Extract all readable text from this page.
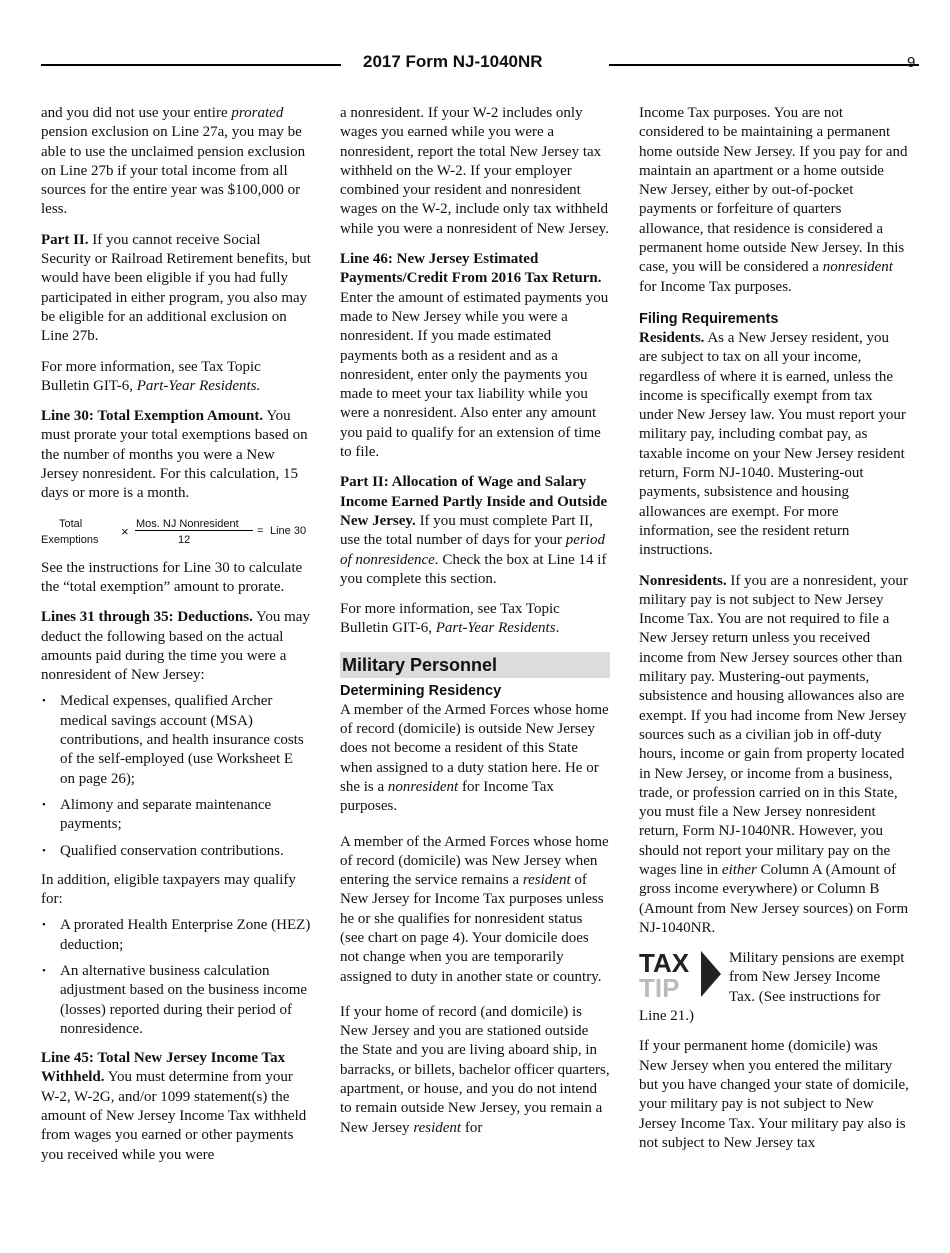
2017 Form NJ-1040NR	9

and you did not use your entire prorated pension exclusion on Line 27a, you may be able to use the unclaimed pension exclusion on Line 27b if your total income from all sources for the entire year was $100,000 or less.

Part II. If you cannot receive Social Security or Railroad Retirement benefits, but would have been eligible if you had fully participated in either program, you also may be eligible for an additional exclusion on Line 27b.

For more information, see Tax Topic Bulletin GIT-6, Part-Year Residents.

Line 30: Total Exemption Amount. You must prorate your total exemptions based on the number of months you were a New Jersey nonresident. For this calculation, 15 days or more is a month.

Total
Exemptions
× Mos. NJ Nonresident
12
= Line 30

See the instructions for Line 30 to calculate the “total exemption” amount to prorate.

Lines 31 through 35: Deductions. You may deduct the following based on the actual amounts paid during the time you were a nonresident of New Jersey:

• Medical expenses, qualified Archer medical savings account (MSA) contributions, and health insurance costs of the self-employed (use Worksheet E on page 26);
• Alimony and separate maintenance payments;
• Qualified conservation contributions.

In addition, eligible taxpayers may qualify for:

• A prorated Health Enterprise Zone (HEZ) deduction;
• An alternative business calculation adjustment based on the business income (losses) reported during their period of nonresidence.

Line 45: Total New Jersey Income Tax Withheld. You must determine from your W-2, W-2G, and/or 1099 statement(s) the amount of New Jersey Income Tax withheld from wages you earned or other payments you received while you were

a nonresident. If your W-2 includes only wages you earned while you were a nonresident, report the total New Jersey tax withheld on the W-2. If your employer combined your resident and nonresident wages on the W-2, include only tax withheld while you were a nonresident of New Jersey.

Line 46: New Jersey Estimated Payments/Credit From 2016 Tax Return. Enter the amount of estimated payments you made to New Jersey while you were a nonresident. If you made estimated payments both as a resident and as a nonresident, enter only the payments you made to meet your tax liability while you were a nonresident. Also enter any amount you paid to qualify for an extension of time to file.

Part II: Allocation of Wage and Salary Income Earned Partly Inside and Outside New Jersey. If you must complete Part II, use the total number of days for your period of nonresidence. Check the box at Line 14 if you complete this section.

For more information, see Tax Topic Bulletin GIT-6, Part-Year Residents.

Military Personnel
Determining Residency

A member of the Armed Forces whose home of record (domicile) is outside New Jersey does not become a resident of this State when assigned to a duty station here. He or she is a nonresident for Income Tax purposes.

A member of the Armed Forces whose home of record (domicile) was New Jersey when entering the service remains a resident of New Jersey for Income Tax purposes unless he or she qualifies for nonresident status (see chart on page 4). Your domicile does not change when you are temporarily assigned to duty in another state or country.

If your home of record (and domicile) is New Jersey and you are stationed outside the State and you are living aboard ship, in barracks, or billets, bachelor officer quarters, apartment, or house, and you do not intend to remain outside New Jersey, you remain a New Jersey resident for

Income Tax purposes. You are not considered to be maintaining a permanent home outside New Jersey. If you pay for and maintain an apartment or a home outside New Jersey, either by out-of-pocket payments or forfeiture of quarters allowance, that residence is considered a permanent home outside New Jersey. In this case, you will be considered a nonresident for Income Tax purposes.

Filing Requirements

Residents. As a New Jersey resident, you are subject to tax on all your income, regardless of where it is earned, unless the income is specifically exempt from tax under New Jersey law. You must report your military pay, including combat pay, as taxable income on your New Jersey resident return, Form NJ-1040. Mustering-out payments, subsistence and housing allowances are exempt. For more information, see the resident return instructions.

Nonresidents. If you are a nonresident, your military pay is not subject to New Jersey Income Tax. You are not required to file a New Jersey return unless you received income from New Jersey sources other than military pay. Mustering-out payments, subsistence and housing allowances also are exempt. If you had income from New Jersey sources such as a civilian job in off-duty hours, income or gain from property located in New Jersey, or income from a business, trade, or profession carried on in this State, you must file a New Jersey nonresident return, Form NJ-1040NR. However, you should not report your military pay on the wages line in either Column A (Amount of gross income everywhere) or Column B (Amount from New Jersey sources) on Form NJ-1040NR.

TAX
TIP
Military pensions are exempt from New Jersey Income Tax. (See instructions for Line 21.)

If your permanent home (domicile) was New Jersey when you entered the military but you have changed your state of domicile, your military pay is not subject to New Jersey Income Tax. Your military pay also is not subject to New Jersey tax
